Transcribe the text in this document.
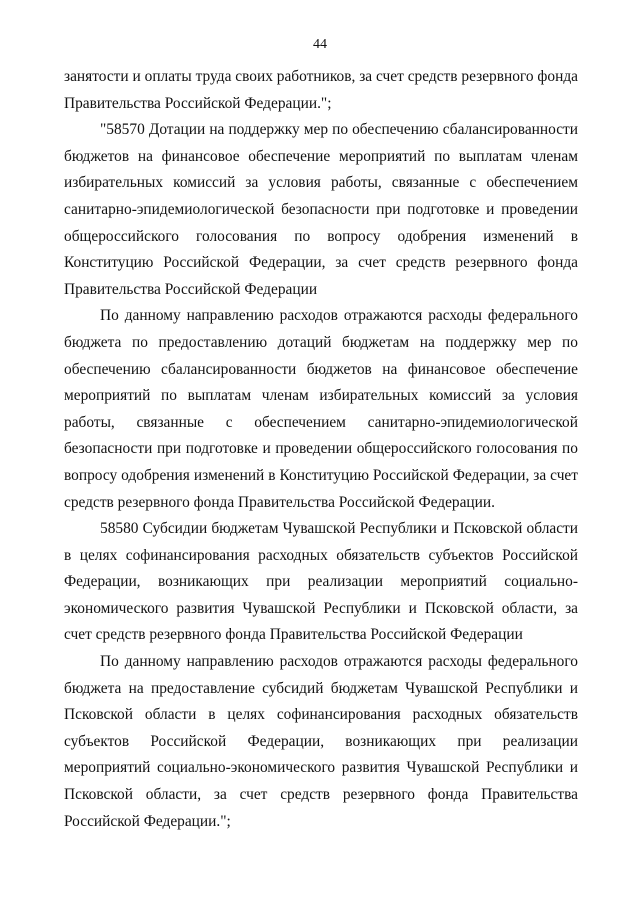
44

занятости и оплаты труда своих работников, за счет средств резервного фонда Правительства Российской Федерации.";

"58570 Дотации на поддержку мер по обеспечению сбалансированности бюджетов на финансовое обеспечение мероприятий по выплатам членам избирательных комиссий за условия работы, связанные с обеспечением санитарно-эпидемиологической безопасности при подготовке и проведении общероссийского голосования по вопросу одобрения изменений в Конституцию Российской Федерации, за счет средств резервного фонда Правительства Российской Федерации

По данному направлению расходов отражаются расходы федерального бюджета по предоставлению дотаций бюджетам на поддержку мер по обеспечению сбалансированности бюджетов на финансовое обеспечение мероприятий по выплатам членам избирательных комиссий за условия работы, связанные с обеспечением санитарно-эпидемиологической безопасности при подготовке и проведении общероссийского голосования по вопросу одобрения изменений в Конституцию Российской Федерации, за счет средств резервного фонда Правительства Российской Федерации.

58580 Субсидии бюджетам Чувашской Республики и Псковской области в целях софинансирования расходных обязательств субъектов Российской Федерации, возникающих при реализации мероприятий социально-экономического развития Чувашской Республики и Псковской области, за счет средств резервного фонда Правительства Российской Федерации

По данному направлению расходов отражаются расходы федерального бюджета на предоставление субсидий бюджетам Чувашской Республики и Псковской области в целях софинансирования расходных обязательств субъектов Российской Федерации, возникающих при реализации мероприятий социально-экономического развития Чувашской Республики и Псковской области, за счет средств резервного фонда Правительства Российской Федерации.";
